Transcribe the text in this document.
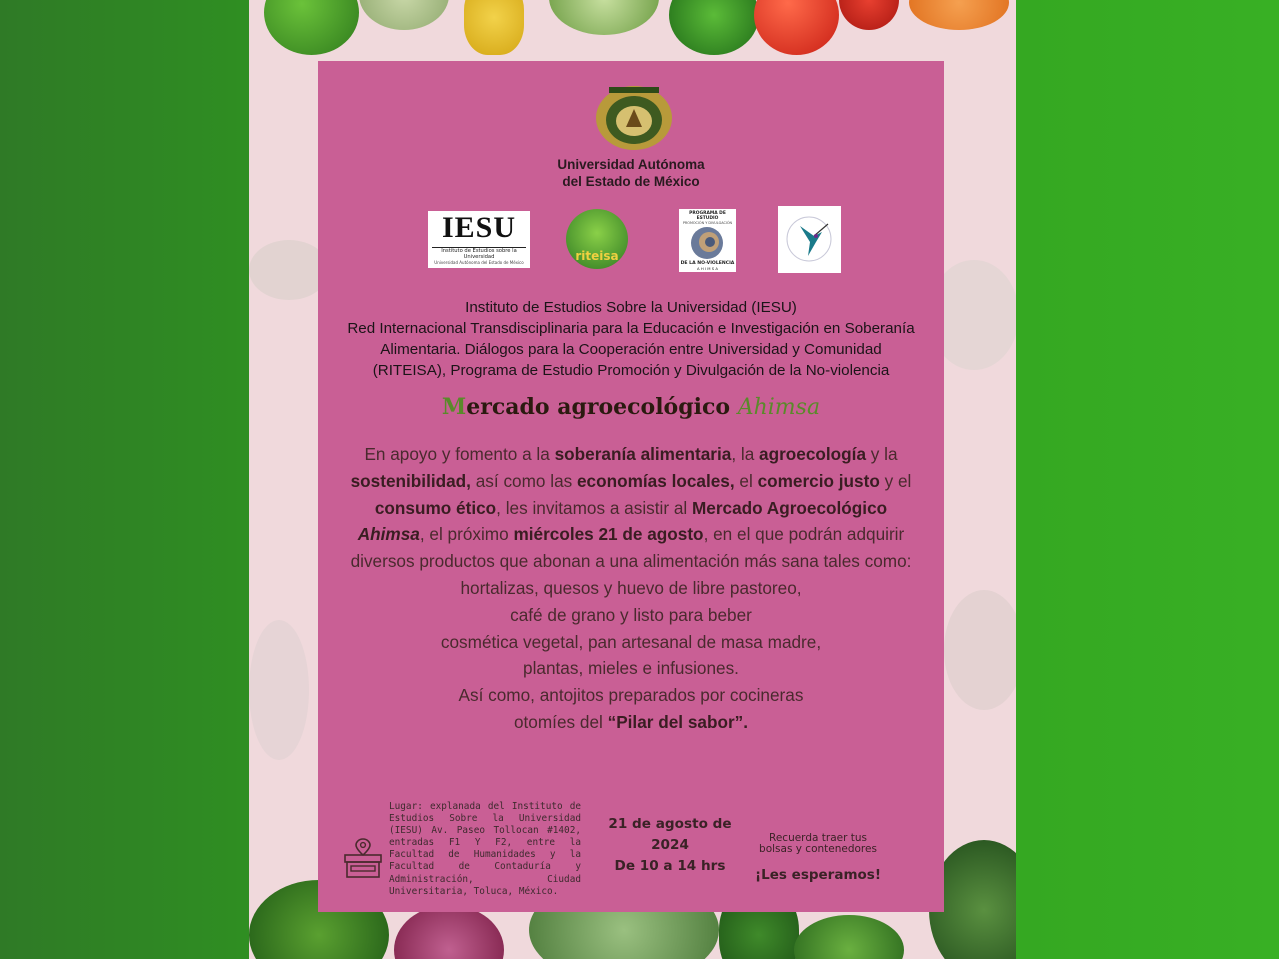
Universidad Autónoma
del Estado de México
IESU
Instituto de Estudios sobre la Universidad
Universidad Autónoma del Estado de México	riteisa
PROGRAMA DE ESTUDIO
PROMOCIÓN Y DIVULGACIÓN
DE LA NO-VIOLENCIA
A H I M S A
Instituto de Estudios Sobre la Universidad (IESU)
Red Internacional Transdisciplinaria para la Educación e Investigación en Soberanía
Alimentaria. Diálogos para la Cooperación entre Universidad y Comunidad
(RITEISA), Programa de Estudio Promoción y Divulgación de la No-violencia
Mercado agroecológico Ahimsa
En apoyo y fomento a la soberanía alimentaria, la agroecología y la sostenibilidad, así como las economías locales, el comercio justo y el consumo ético, les invitamos a asistir al Mercado Agroecológico Ahimsa, el próximo miércoles 21 de agosto, en el que podrán adquirir diversos productos que abonan a una alimentación más sana tales como:
hortalizas, quesos y huevo de libre pastoreo,
café de grano y listo para beber
cosmética vegetal, pan artesanal de masa madre,
plantas, mieles e infusiones.
Así como, antojitos preparados por cocineras
otomíes del “Pilar del sabor”.
Lugar: explanada del Instituto de Estudios Sobre la Universidad (IESU) Av. Paseo Tollocan #1402, entradas F1 Y F2, entre la Facultad de Humanidades y la Facultad de Contaduría y Administración, Ciudad Universitaria, Toluca, México.
21 de agosto de
2024
De 10 a 14 hrs
Recuerda traer tus
bolsas y contenedores
¡Les esperamos!
